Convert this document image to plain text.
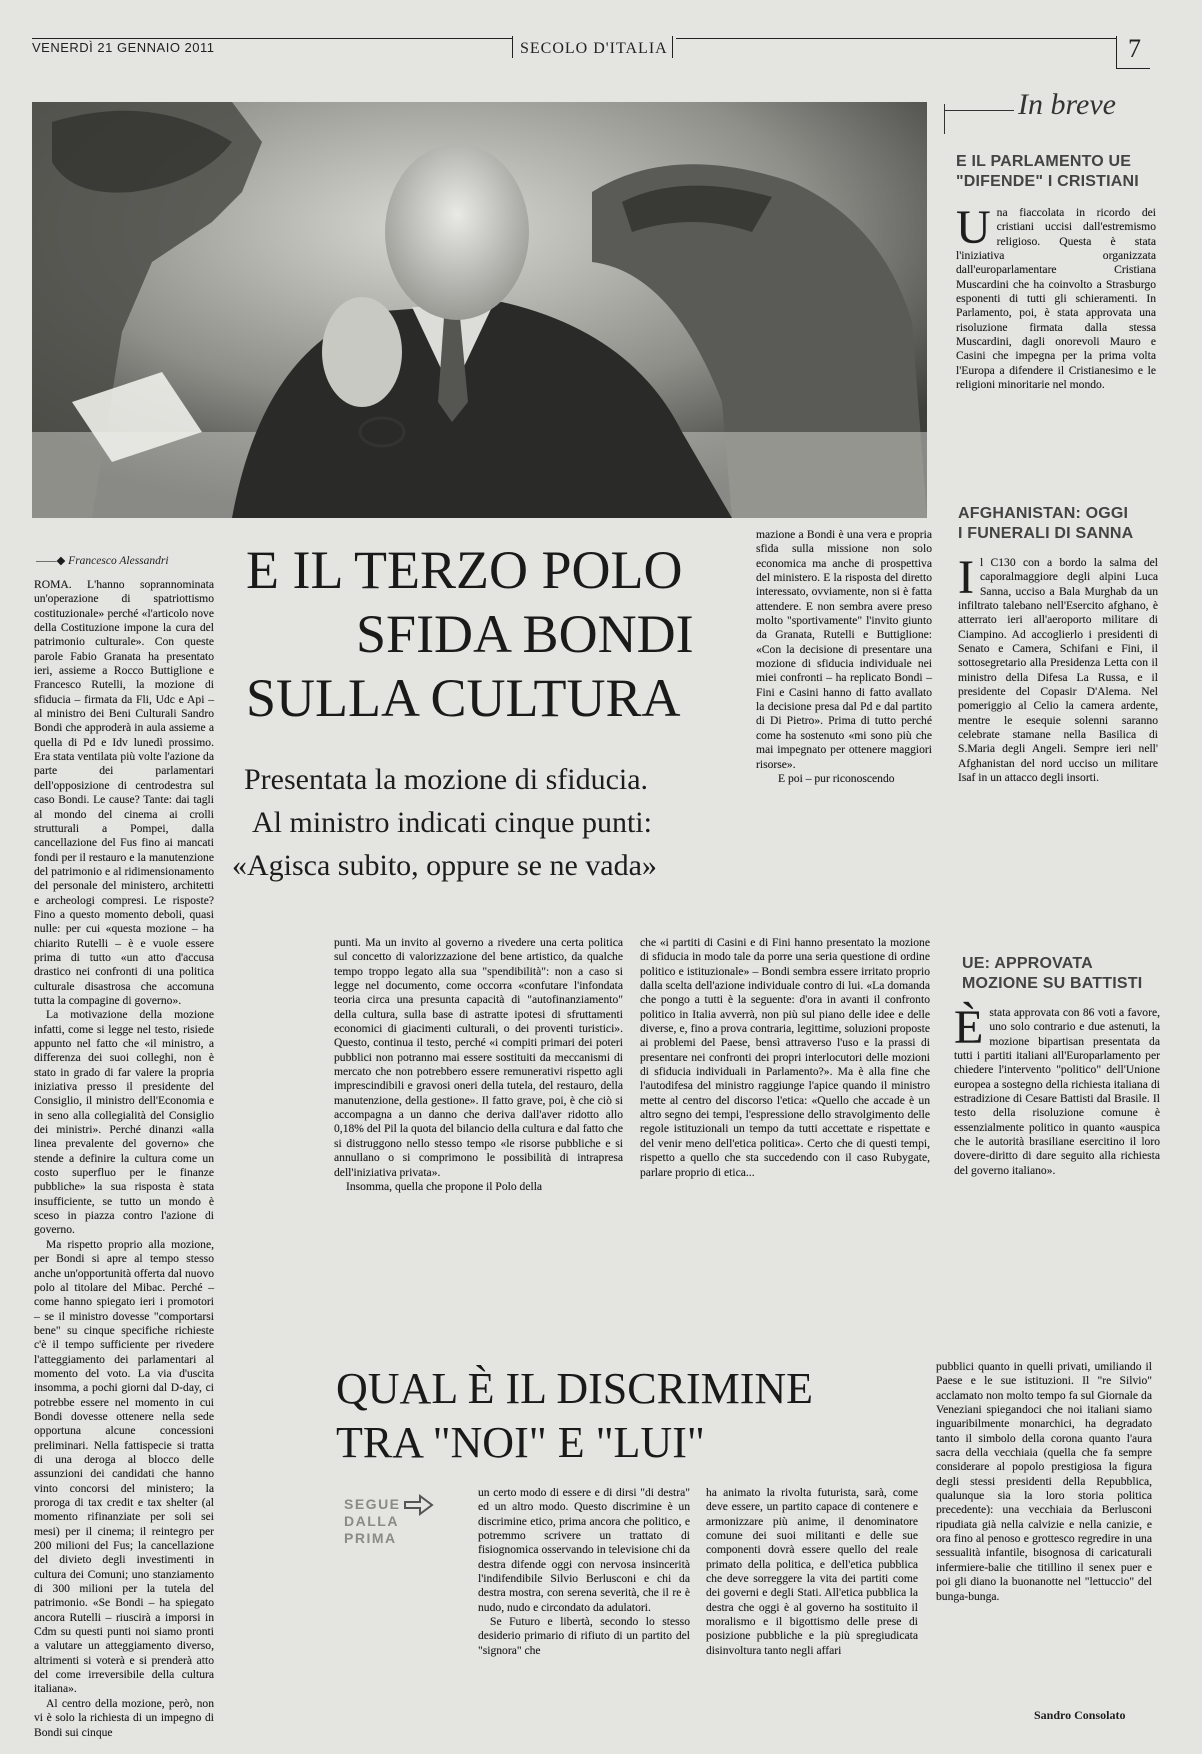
VENERDÌ 21 GENNAIO 2011	SECOLO D'ITALIA	7
In breve
E IL PARLAMENTO UE
"DIFENDE" I CRISTIANI
U na fiaccolata in ricordo dei cristiani uccisi dall'estremismo religioso. Questa è stata l'iniziativa organizzata dall'europarlamentare Cristiana Muscardini che ha coinvolto a Strasburgo esponenti di tutti gli schieramenti. In Parlamento, poi, è stata approvata una risoluzione firmata dalla stessa Muscardini, dagli onorevoli Mauro e Casini che impegna per la prima volta l'Europa a difendere il Cristianesimo e le religioni minoritarie nel mondo.
AFGHANISTAN: OGGI
I FUNERALI DI SANNA
I l C130 con a bordo la salma del caporalmaggiore degli alpini Luca Sanna, ucciso a Bala Murghab da un infiltrato talebano nell'Esercito afghano, è atterrato ieri all'aeroporto militare di Ciampino. Ad accoglierlo i presidenti di Senato e Camera, Schifani e Fini, il sottosegretario alla Presidenza Letta con il ministro della Difesa La Russa, e il presidente del Copasir D'Alema. Nel pomeriggio al Celio la camera ardente, mentre le esequie solenni saranno celebrate stamane nella Basilica di S.Maria degli Angeli. Sempre ieri nell' Afghanistan del nord ucciso un militare Isaf in un attacco degli insorti.
UE: APPROVATA
MOZIONE SU BATTISTI
È stata approvata con 86 voti a favore, uno solo contrario e due astenuti, la mozione bipartisan presentata da tutti i partiti italiani all'Europarlamento per chiedere l'intervento "politico" dell'Unione europea a sostegno della richiesta italiana di estradizione di Cesare Battisti dal Brasile. Il testo della risoluzione comune è essenzialmente politico in quanto «auspica che le autorità brasiliane esercitino il loro dovere-diritto di dare seguito alla richiesta del governo italiano».
——◆ Francesco Alessandri E IL TERZO POLO
SFIDA BONDI
SULLA CULTURA
Presentata la mozione di sfiducia.
Al ministro indicati cinque punti:
«Agisca subito, oppure se ne vada»

ROMA. L'hanno soprannominata un'operazione di spatriottismo costituzionale» perché «l'articolo nove della Costituzione impone la cura del patrimonio culturale». Con queste parole Fabio Granata ha presentato ieri, assieme a Rocco Buttiglione e Francesco Rutelli, la mozione di sfiducia – firmata da Fli, Udc e Api – al ministro dei Beni Culturali Sandro Bondi che approderà in aula assieme a quella di Pd e Idv lunedì prossimo. Era stata ventilata più volte l'azione da parte dei parlamentari dell'opposizione di centrodestra sul caso Bondi. Le cause? Tante: dai tagli al mondo del cinema ai crolli strutturali a Pompei, dalla cancellazione del Fus fino ai mancati fondi per il restauro e la manutenzione del patrimonio e al ridimensionamento del personale del ministero, architetti e archeologi compresi. Le risposte? Fino a questo momento deboli, quasi nulle: per cui «questa mozione – ha chiarito Rutelli – è e vuole essere prima di tutto «un atto d'accusa drastico nei confronti di una politica culturale disastrosa che accomuna tutta la compagine di governo».

La motivazione della mozione infatti, come si legge nel testo, risiede appunto nel fatto che «il ministro, a differenza dei suoi colleghi, non è stato in grado di far valere la propria iniziativa presso il presidente del Consiglio, il ministro dell'Economia e in seno alla collegialità del Consiglio dei ministri». Perché dinanzi «alla linea prevalente del governo» che stende a definire la cultura come un costo superfluo per le finanze pubbliche» la sua risposta è stata insufficiente, se tutto un mondo è sceso in piazza contro l'azione di governo.

Ma rispetto proprio alla mozione, per Bondi si apre al tempo stesso anche un'opportunità offerta dal nuovo polo al titolare del Mibac. Perché – come hanno spiegato ieri i promotori – se il ministro dovesse "comportarsi bene" su cinque specifiche richieste c'è il tempo sufficiente per rivedere l'atteggiamento dei parlamentari al momento del voto. La via d'uscita insomma, a pochi giorni dal D-day, ci potrebbe essere nel momento in cui Bondi dovesse ottenere nella sede opportuna alcune concessioni preliminari. Nella fattispecie si tratta di una deroga al blocco delle assunzioni dei candidati che hanno vinto concorsi del ministero; la proroga di tax credit e tax shelter (al momento rifinanziate per soli sei mesi) per il cinema; il reintegro per 200 milioni del Fus; la cancellazione del divieto degli investimenti in cultura dei Comuni; uno stanziamento di 300 milioni per la tutela del patrimonio. «Se Bondi – ha spiegato ancora Rutelli – riuscirà a imporsi in Cdm su questi punti noi siamo pronti a valutare un atteggiamento diverso, altrimenti si voterà e si prenderà atto del come irreversibile della cultura italiana».

Al centro della mozione, però, non vi è solo la richiesta di un impegno di Bondi sui cinque

punti. Ma un invito al governo a rivedere una certa politica sul concetto di valorizzazione del bene artistico, da qualche tempo troppo legato alla sua "spendibilità": non a caso si legge nel documento, come occorra «confutare l'infondata teoria circa una presunta capacità di "autofinanziamento" della cultura, sulla base di astratte ipotesi di sfruttamenti economici di giacimenti culturali, o dei proventi turistici». Questo, continua il testo, perché «i compiti primari dei poteri pubblici non potranno mai essere sostituiti da meccanismi di mercato che non potrebbero essere remunerativi rispetto agli imprescindibili e gravosi oneri della tutela, del restauro, della manutenzione, della gestione». Il fatto grave, poi, è che ciò si accompagna a un danno che deriva dall'aver ridotto allo 0,18% del Pil la quota del bilancio della cultura e dal fatto che si distruggono nello stesso tempo «le risorse pubbliche e si annullano o si comprimono le possibilità di intrapresa dell'iniziativa privata».

Insomma, quella che propone il Polo della

che «i partiti di Casini e di Fini hanno presentato la mozione di sfiducia in modo tale da porre una seria questione di ordine politico e istituzionale» – Bondi sembra essere irritato proprio dalla scelta dell'azione individuale contro di lui. «La domanda che pongo a tutti è la seguente: d'ora in avanti il confronto politico in Italia avverrà, non più sul piano delle idee e delle diverse, e, fino a prova contraria, legittime, soluzioni proposte ai problemi del Paese, bensì attraverso l'uso e la prassi di presentare nei confronti dei propri interlocutori delle mozioni di sfiducia individuali in Parlamento?». Ma è alla fine che l'autodifesa del ministro raggiunge l'apice quando il ministro mette al centro del discorso l'etica: «Quello che accade è un altro segno dei tempi, l'espressione dello stravolgimento delle regole istituzionali un tempo da tutti accettate e rispettate e del venir meno dell'etica politica». Certo che di questi tempi, rispetto a quello che sta succedendo con il caso Rubygate, parlare proprio di etica...

mazione a Bondi è una vera e propria sfida sulla missione non solo economica ma anche di prospettiva del ministero. E la risposta del diretto interessato, ovviamente, non si è fatta attendere. E non sembra avere preso molto "sportivamente" l'invito giunto da Granata, Rutelli e Buttiglione: «Con la decisione di presentare una mozione di sfiducia individuale nei miei confronti – ha replicato Bondi – Fini e Casini hanno di fatto avallato la decisione presa dal Pd e dal partito di Di Pietro». Prima di tutto perché come ha sostenuto «mi sono più che mai impegnato per ottenere maggiori risorse».

E poi – pur riconoscendo

QUAL È IL DISCRIMINE
TRA "NOI" E "LUI"
SEGUE
DALLA
PRIMA

un certo modo di essere e di dirsi "di destra" ed un altro modo. Questo discrimine è un discrimine etico, prima ancora che politico, e potremmo scrivere un trattato di fisiognomica osservando in televisione chi da destra difende oggi con nervosa insincerità l'indifendibile Silvio Berlusconi e chi da destra mostra, con serena severità, che il re è nudo, nudo e circondato da adulatori.

Se Futuro e libertà, secondo lo stesso desiderio primario di rifiuto di un partito del "signora" che

ha animato la rivolta futurista, sarà, come deve essere, un partito capace di contenere e armonizzare più anime, il denominatore comune dei suoi militanti e delle sue componenti dovrà essere quello del reale primato della politica, e dell'etica pubblica che deve sorreggere la vita dei partiti come dei governi e degli Stati. All'etica pubblica la destra che oggi è al governo ha sostituito il moralismo e il bigottismo delle prese di posizione pubbliche e la più spregiudicata disinvoltura tanto negli affari

pubblici quanto in quelli privati, umiliando il Paese e le sue istituzioni. Il "re Silvio" acclamato non molto tempo fa sul Giornale da Veneziani spiegandoci che noi italiani siamo inguaribilmente monarchici, ha degradato tanto il simbolo della corona quanto l'aura sacra della vecchiaia (quella che fa sempre considerare al popolo prestigiosa la figura degli stessi presidenti della Repubblica, qualunque sia la loro storia politica precedente): una vecchiaia da Berlusconi ripudiata già nella calvizie e nella canizie, e ora fino al penoso e grottesco regredire in una sessualità infantile, bisognosa di caricaturali infermiere-balie che titillino il senex puer e poi gli diano la buonanotte nel "lettuccio" del bunga-bunga.

Sandro Consolato
